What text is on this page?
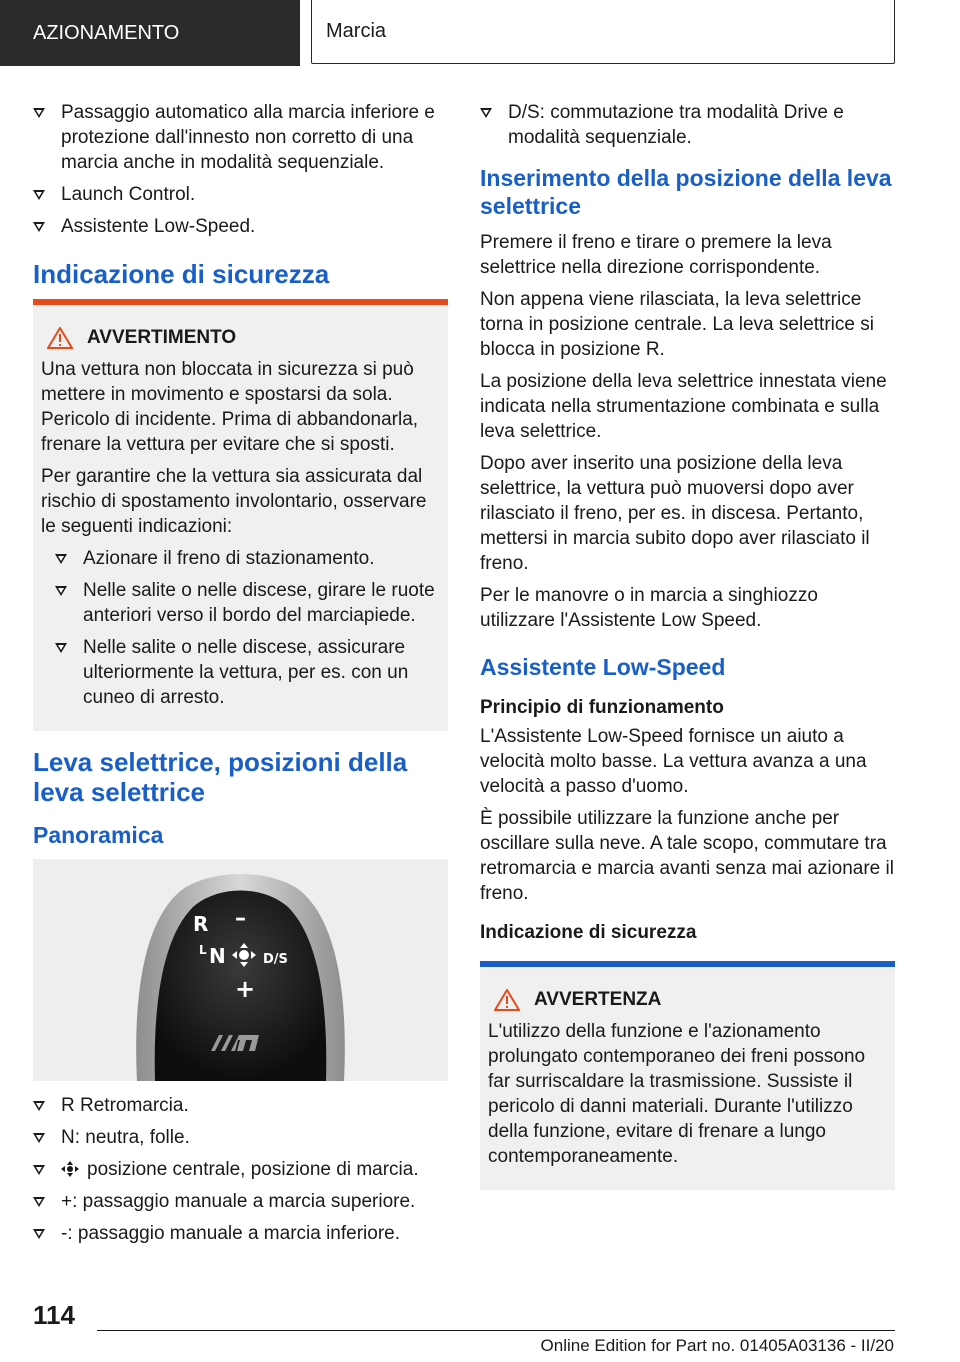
AZIONAMENTO	Marcia
Passaggio automatico alla marcia inferiore e protezione dall'innesto non corretto di una marcia anche in modalità sequenziale.
Launch Control.
Assistente Low-Speed.
Indicazione di sicurezza
AVVERTIMENTO

Una vettura non bloccata in sicurezza si può mettere in movimento e spostarsi da sola. Pericolo di incidente. Prima di abbandonarla, frenare la vettura per evitare che si sposti.

Per garantire che la vettura sia assicurata dal rischio di spostamento involontario, osservare le seguenti indicazioni:

Azionare il freno di stazionamento.
Nelle salite o nelle discese, girare le ruote anteriori verso il bordo del marciapiede.
Nelle salite o nelle discese, assicurare ulteriormente la vettura, per es. con un cuneo di arresto.
Leva selettrice, posizioni della leva selettrice
Panoramica
R –
L N	D/S
+
R Retromarcia.
N: neutra, folle.
posizione centrale, posizione di marcia.
+: passaggio manuale a marcia superiore.
-: passaggio manuale a marcia inferiore.
D/S: commutazione tra modalità Drive e modalità sequenziale.
Inserimento della posizione della leva selettrice

Premere il freno e tirare o premere la leva selettrice nella direzione corrispondente.

Non appena viene rilasciata, la leva selettrice torna in posizione centrale. La leva selettrice si blocca in posizione R.

La posizione della leva selettrice innestata viene indicata nella strumentazione combinata e sulla leva selettrice.

Dopo aver inserito una posizione della leva selettrice, la vettura può muoversi dopo aver rilasciato il freno, per es. in discesa. Pertanto, mettersi in marcia subito dopo aver rilasciato il freno.

Per le manovre o in marcia a singhiozzo utilizzare l'Assistente Low Speed.

Assistente Low-Speed
Principio di funzionamento

L'Assistente Low-Speed fornisce un aiuto a velocità molto basse. La vettura avanza a una velocità a passo d'uomo.

È possibile utilizzare la funzione anche per oscillare sulla neve. A tale scopo, commutare tra retromarcia e marcia avanti senza mai azionare il freno.

Indicazione di sicurezza
AVVERTENZA

L'utilizzo della funzione e l'azionamento prolungato contemporaneo dei freni possono far surriscaldare la trasmissione. Sussiste il pericolo di danni materiali. Durante l'utilizzo della funzione, evitare di frenare a lungo contemporaneamente.

114
Online Edition for Part no. 01405A03136 - II/20
